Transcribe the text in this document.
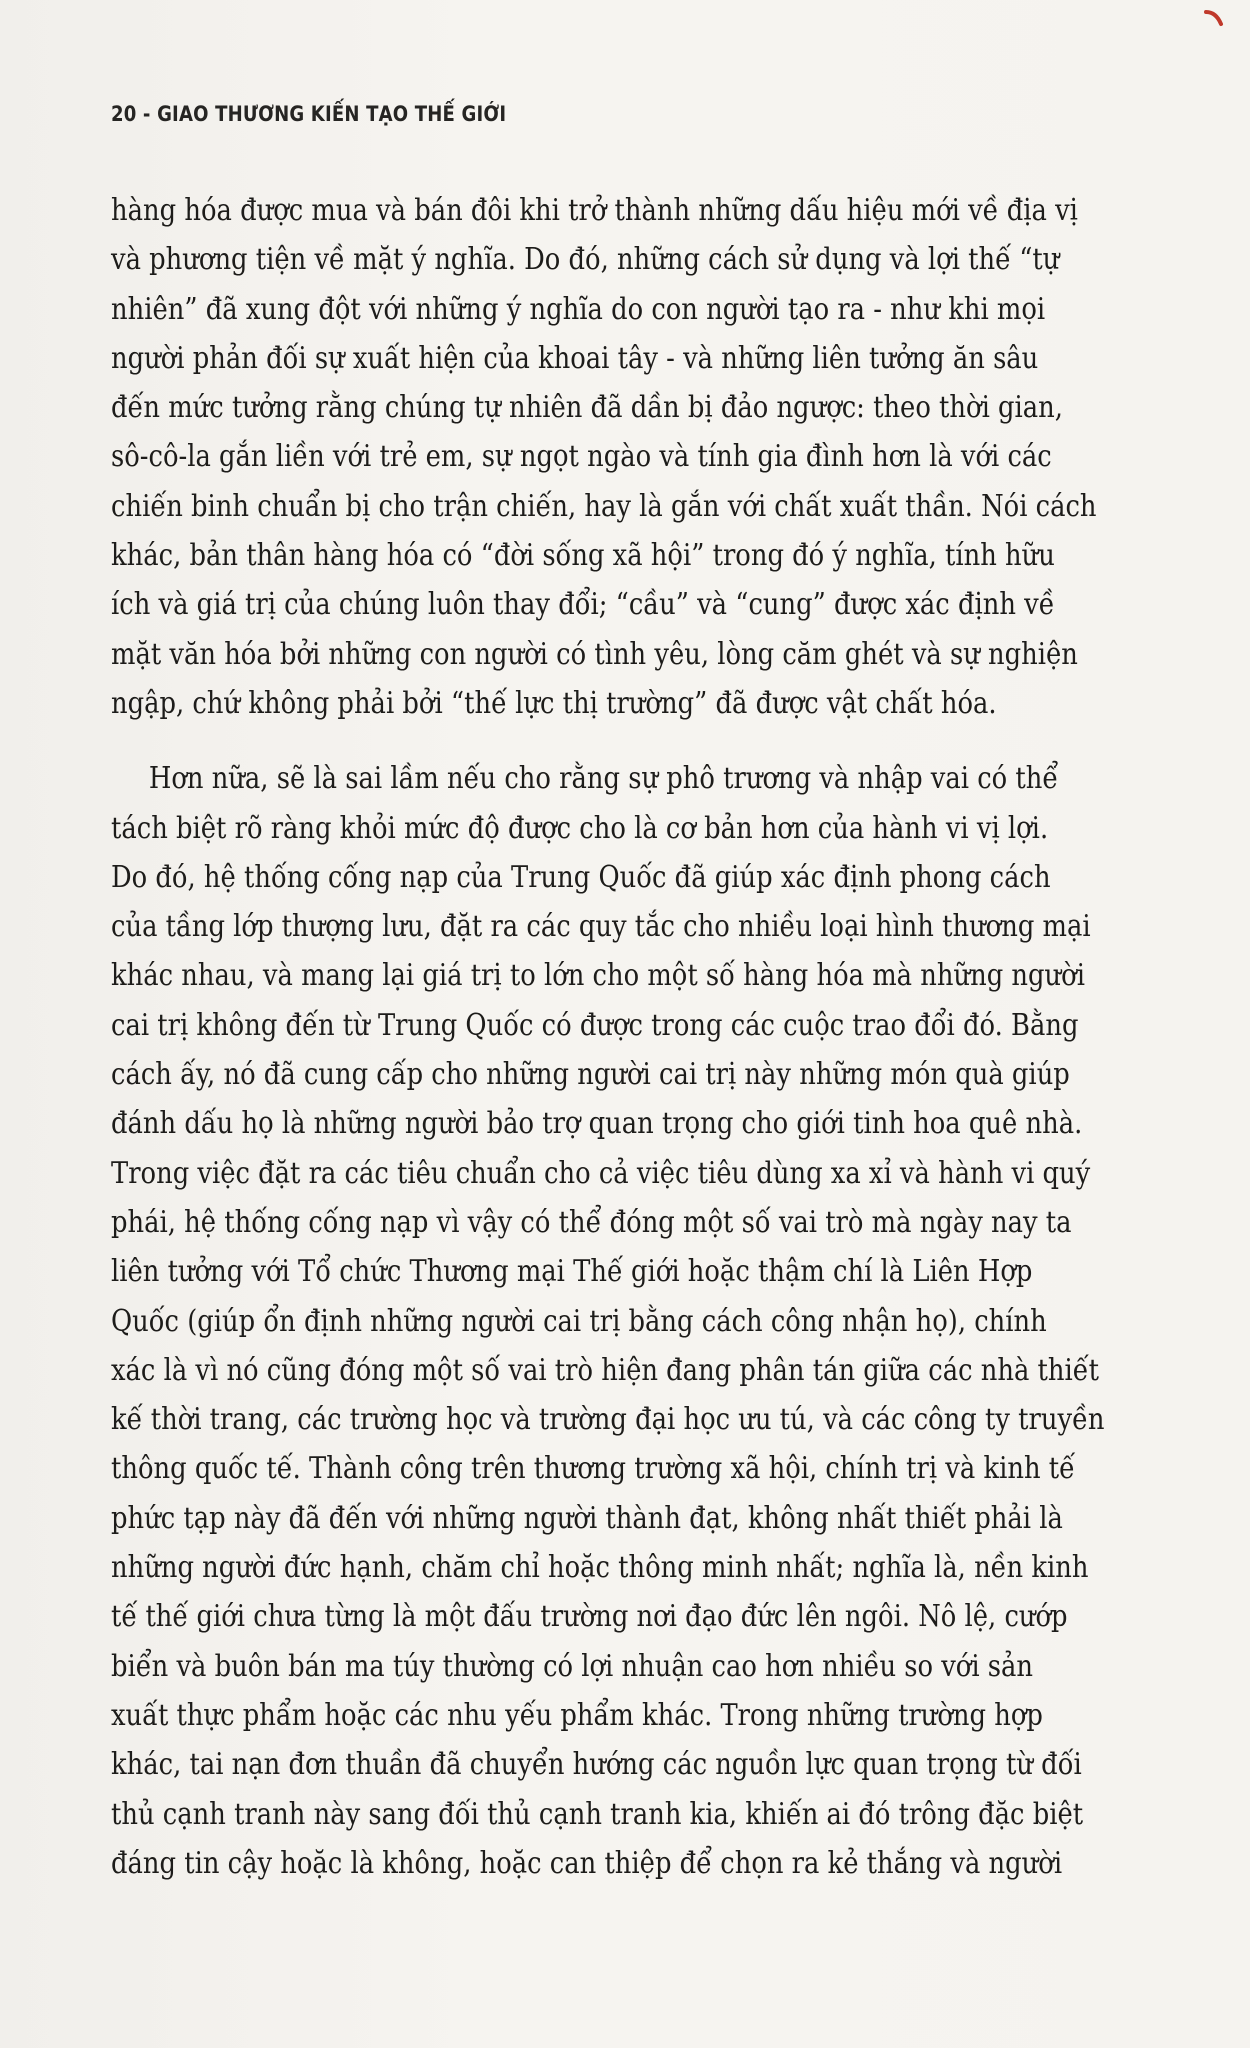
20 - GIAO THƯƠNG KIẾN TẠO THẾ GIỚI
hàng hóa được mua và bán đôi khi trở thành những dấu hiệu mới về địa vị
và phương tiện về mặt ý nghĩa. Do đó, những cách sử dụng và lợi thế “tự
nhiên” đã xung đột với những ý nghĩa do con người tạo ra - như khi mọi
người phản đối sự xuất hiện của khoai tây - và những liên tưởng ăn sâu
đến mức tưởng rằng chúng tự nhiên đã dần bị đảo ngược: theo thời gian,
sô-cô-la gắn liền với trẻ em, sự ngọt ngào và tính gia đình hơn là với các
chiến binh chuẩn bị cho trận chiến, hay là gắn với chất xuất thần. Nói cách
khác, bản thân hàng hóa có “đời sống xã hội” trong đó ý nghĩa, tính hữu
ích và giá trị của chúng luôn thay đổi; “cầu” và “cung” được xác định về
mặt văn hóa bởi những con người có tình yêu, lòng căm ghét và sự nghiện
ngập, chứ không phải bởi “thế lực thị trường” đã được vật chất hóa.
Hơn nữa, sẽ là sai lầm nếu cho rằng sự phô trương và nhập vai có thể
tách biệt rõ ràng khỏi mức độ được cho là cơ bản hơn của hành vi vị lợi.
Do đó, hệ thống cống nạp của Trung Quốc đã giúp xác định phong cách
của tầng lớp thượng lưu, đặt ra các quy tắc cho nhiều loại hình thương mại
khác nhau, và mang lại giá trị to lớn cho một số hàng hóa mà những người
cai trị không đến từ Trung Quốc có được trong các cuộc trao đổi đó. Bằng
cách ấy, nó đã cung cấp cho những người cai trị này những món quà giúp
đánh dấu họ là những người bảo trợ quan trọng cho giới tinh hoa quê nhà.
Trong việc đặt ra các tiêu chuẩn cho cả việc tiêu dùng xa xỉ và hành vi quý
phái, hệ thống cống nạp vì vậy có thể đóng một số vai trò mà ngày nay ta
liên tưởng với Tổ chức Thương mại Thế giới hoặc thậm chí là Liên Hợp
Quốc (giúp ổn định những người cai trị bằng cách công nhận họ), chính
xác là vì nó cũng đóng một số vai trò hiện đang phân tán giữa các nhà thiết
kế thời trang, các trường học và trường đại học ưu tú, và các công ty truyền
thông quốc tế. Thành công trên thương trường xã hội, chính trị và kinh tế
phức tạp này đã đến với những người thành đạt, không nhất thiết phải là
những người đức hạnh, chăm chỉ hoặc thông minh nhất; nghĩa là, nền kinh
tế thế giới chưa từng là một đấu trường nơi đạo đức lên ngôi. Nô lệ, cướp
biển và buôn bán ma túy thường có lợi nhuận cao hơn nhiều so với sản
xuất thực phẩm hoặc các nhu yếu phẩm khác. Trong những trường hợp
khác, tai nạn đơn thuần đã chuyển hướng các nguồn lực quan trọng từ đối
thủ cạnh tranh này sang đối thủ cạnh tranh kia, khiến ai đó trông đặc biệt
đáng tin cậy hoặc là không, hoặc can thiệp để chọn ra kẻ thắng và người
